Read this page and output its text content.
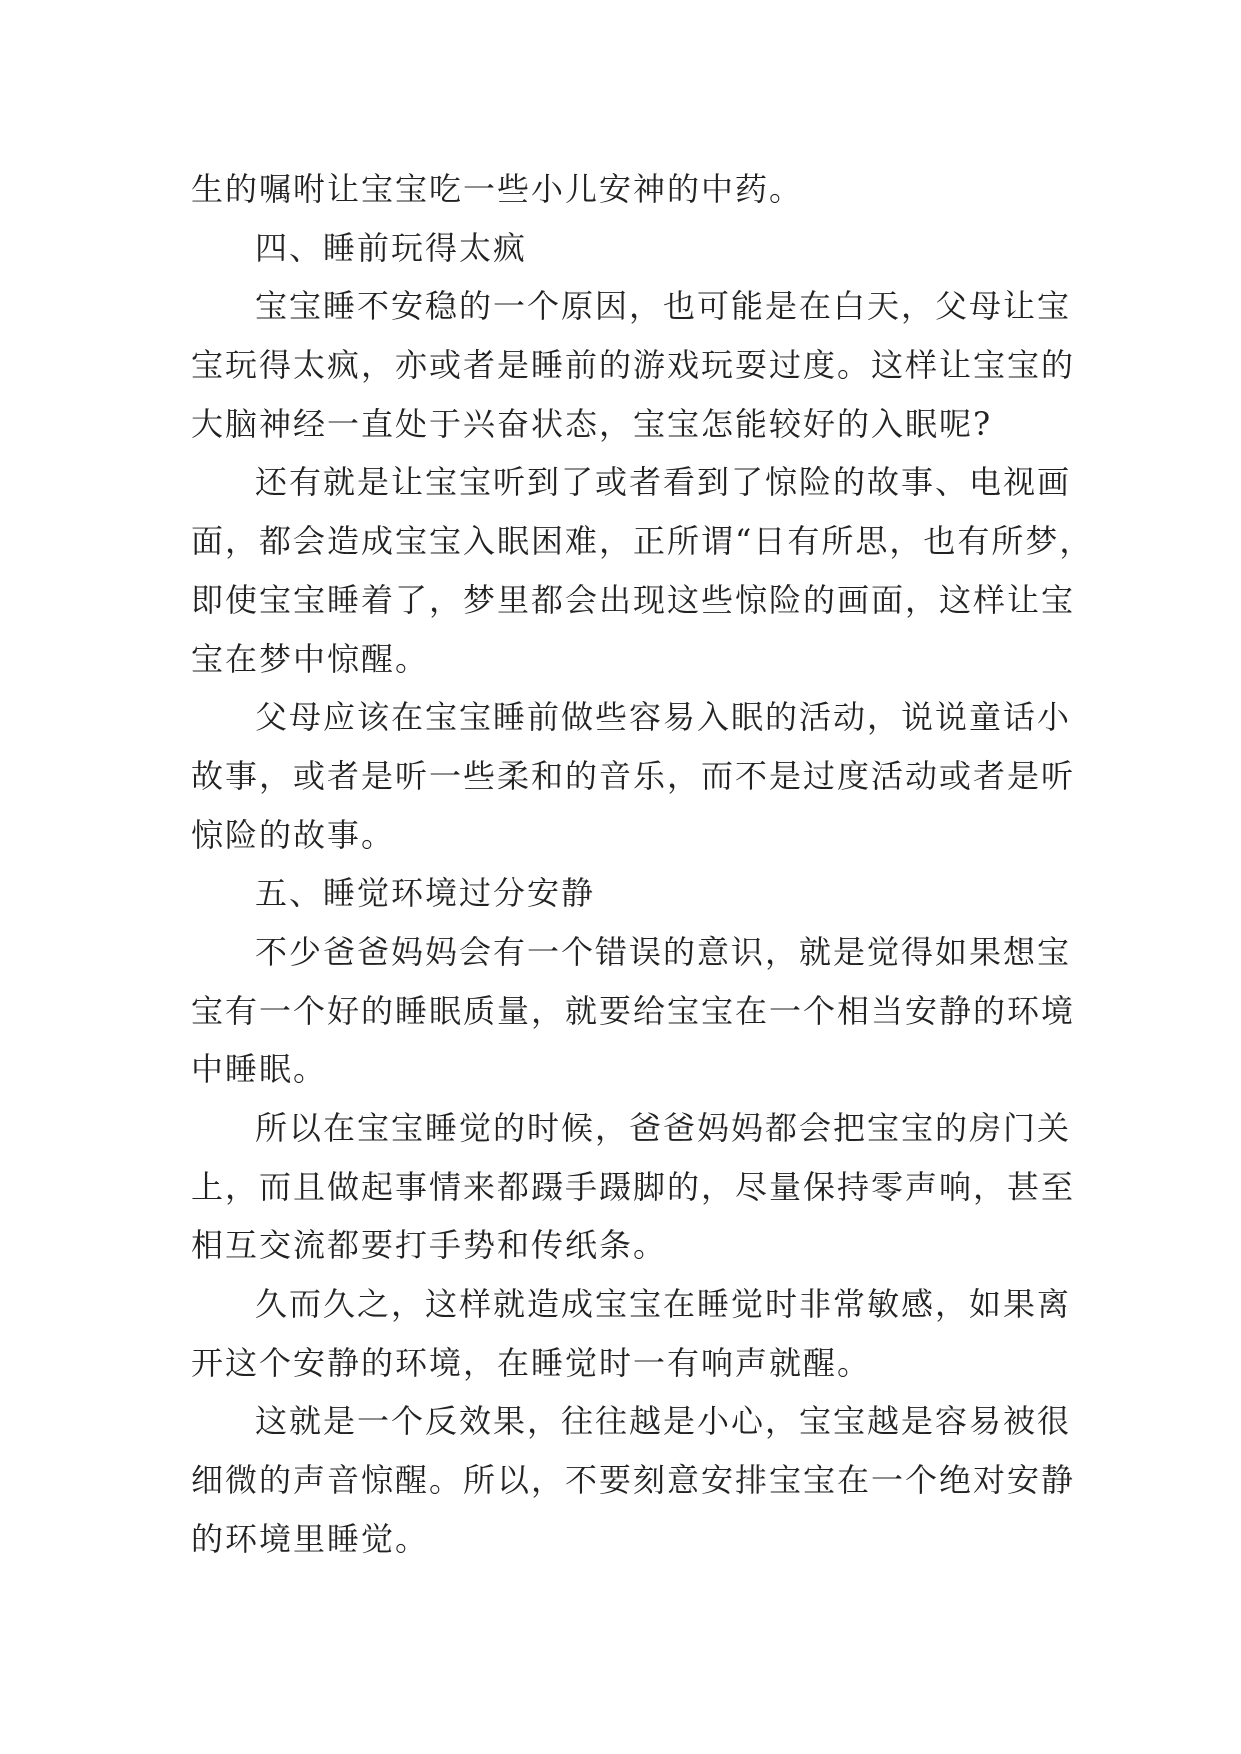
生的嘱咐让宝宝吃一些小儿安神的中药。
四、睡前玩得太疯
宝宝睡不安稳的一个原因，也可能是在白天，父母让宝
宝玩得太疯，亦或者是睡前的游戏玩耍过度。这样让宝宝的
大脑神经一直处于兴奋状态，宝宝怎能较好的入眠呢?
还有就是让宝宝听到了或者看到了惊险的故事、电视画
面，都会造成宝宝入眠困难，正所谓“日有所思，也有所梦，
即使宝宝睡着了，梦里都会出现这些惊险的画面，这样让宝
宝在梦中惊醒。
父母应该在宝宝睡前做些容易入眠的活动，说说童话小
故事，或者是听一些柔和的音乐，而不是过度活动或者是听
惊险的故事。
五、睡觉环境过分安静
不少爸爸妈妈会有一个错误的意识，就是觉得如果想宝
宝有一个好的睡眠质量，就要给宝宝在一个相当安静的环境
中睡眠。
所以在宝宝睡觉的时候，爸爸妈妈都会把宝宝的房门关
上，而且做起事情来都蹑手蹑脚的，尽量保持零声响，甚至
相互交流都要打手势和传纸条。
久而久之，这样就造成宝宝在睡觉时非常敏感，如果离
开这个安静的环境，在睡觉时一有响声就醒。
这就是一个反效果，往往越是小心，宝宝越是容易被很
细微的声音惊醒。所以，不要刻意安排宝宝在一个绝对安静
的环境里睡觉。
